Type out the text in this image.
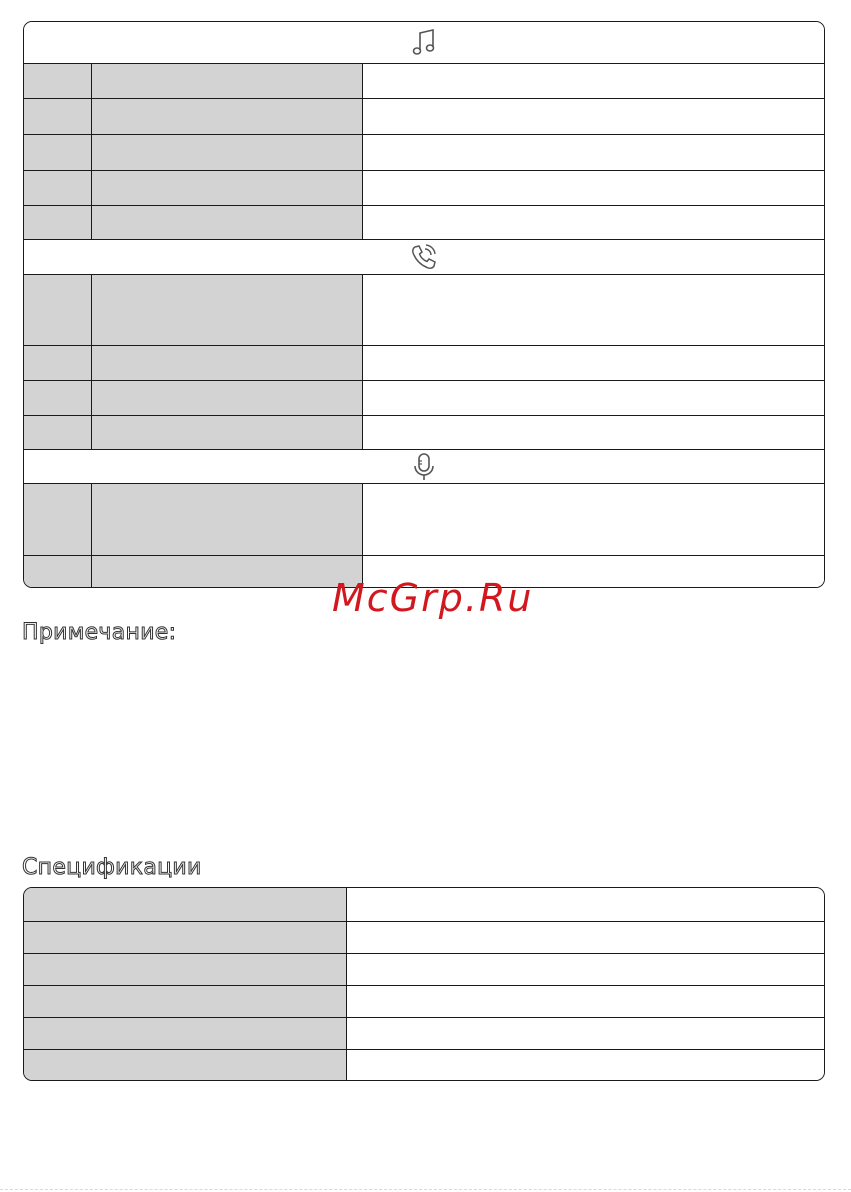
McGrp.Ru
Примечание:
Спецификации
